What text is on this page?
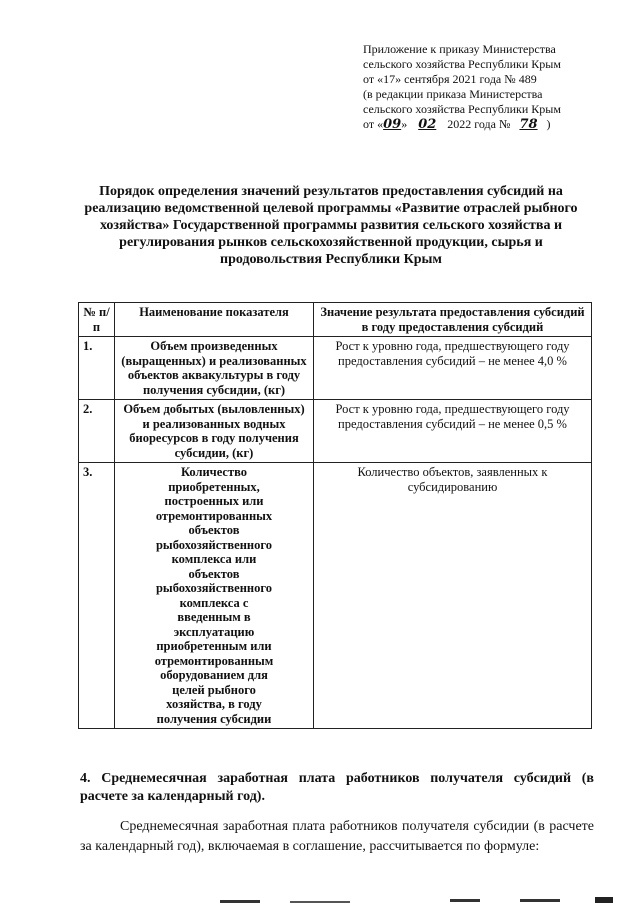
Приложение к приказу Министерства
сельского хозяйства Республики Крым
от «17» сентября 2021 года № 489
(в редакции приказа Министерства
сельского хозяйства Республики Крым
от «09» 02 2022 года № 78 )
Порядок определения значений результатов предоставления субсидий на реализацию ведомственной целевой программы «Развитие отраслей рыбного хозяйства» Государственной программы развития сельского хозяйства и регулирования рынков сельскохозяйственной продукции, сырья и продовольствия Республики Крым
№ п/п	Наименование показателя	Значение результата предоставления субсидий в году предоставления субсидий
1.	Объем произведенных (выращенных) и реализованных объектов аквакультуры в году получения субсидии, (кг)	Рост к уровню года, предшествующего году предоставления субсидий – не менее 4,0 %
2.	Объем добытых (выловленных) и реализованных водных биоресурсов в году получения субсидии, (кг)	Рост к уровню года, предшествующего году предоставления субсидий – не менее 0,5 %
3.	Количество приобретенных, построенных или отремонтированных объектов рыбохозяйственного комплекса или объектов рыбохозяйственного комплекса с введенным в эксплуатацию приобретенным или отремонтированным оборудованием для целей рыбного хозяйства, в году получения субсидии	Количество объектов, заявленных к субсидированию
4. Среднемесячная заработная плата работников получателя субсидий (в расчете за календарный год).
Среднемесячная заработная плата работников получателя субсидии (в расчете за календарный год), включаемая в соглашение, рассчитывается по формуле:
